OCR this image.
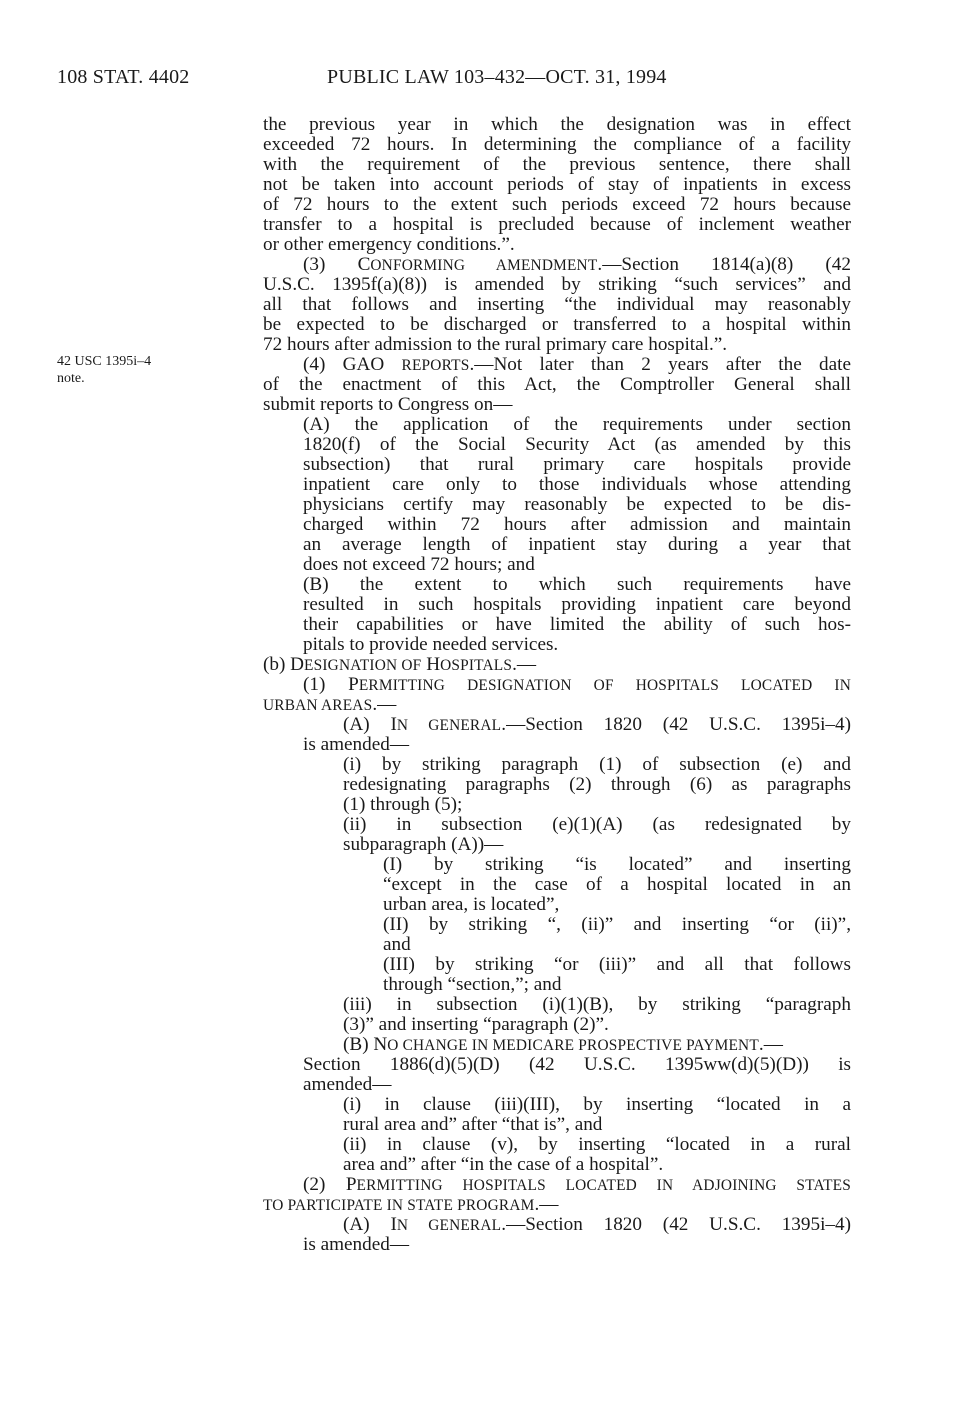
108 STAT. 4402	PUBLIC LAW 103–432—OCT. 31, 1994
42 USC 1395i–4
note.
the previous year in which the designation was in effect
exceeded 72 hours. In determining the compliance of a facility
with the requirement of the previous sentence, there shall
not be taken into account periods of stay of inpatients in excess
of 72 hours to the extent such periods exceed 72 hours because
transfer to a hospital is precluded because of inclement weather
or other emergency conditions.”.
(3) CONFORMING AMENDMENT.—Section 1814(a)(8) (42
U.S.C. 1395f(a)(8)) is amended by striking “such services” and
all that follows and inserting “the individual may reasonably
be expected to be discharged or transferred to a hospital within
72 hours after admission to the rural primary care hospital.”.
(4) GAO REPORTS.—Not later than 2 years after the date
of the enactment of this Act, the Comptroller General shall
submit reports to Congress on—
(A) the application of the requirements under section
1820(f) of the Social Security Act (as amended by this
subsection) that rural primary care hospitals provide
inpatient care only to those individuals whose attending
physicians certify may reasonably be expected to be dis-
charged within 72 hours after admission and maintain
an average length of inpatient stay during a year that
does not exceed 72 hours; and
(B) the extent to which such requirements have
resulted in such hospitals providing inpatient care beyond
their capabilities or have limited the ability of such hos-
pitals to provide needed services.
(b) DESIGNATION OF HOSPITALS.—
(1) PERMITTING DESIGNATION OF HOSPITALS LOCATED IN
URBAN AREAS.—
(A) IN GENERAL.—Section 1820 (42 U.S.C. 1395i–4)
is amended—
(i) by striking paragraph (1) of subsection (e) and
redesignating paragraphs (2) through (6) as paragraphs
(1) through (5);
(ii) in subsection (e)(1)(A) (as redesignated by
subparagraph (A))—
(I) by striking “is located” and inserting
“except in the case of a hospital located in an
urban area, is located”,
(II) by striking “, (ii)” and inserting “or (ii)”,
and
(III) by striking “or (iii)” and all that follows
through “section,”; and
(iii) in subsection (i)(1)(B), by striking “paragraph
(3)” and inserting “paragraph (2)”.
(B) NO CHANGE IN MEDICARE PROSPECTIVE PAYMENT.—
Section 1886(d)(5)(D) (42 U.S.C. 1395ww(d)(5)(D)) is
amended—
(i) in clause (iii)(III), by inserting “located in a
rural area and” after “that is”, and
(ii) in clause (v), by inserting “located in a rural
area and” after “in the case of a hospital”.
(2) PERMITTING HOSPITALS LOCATED IN ADJOINING STATES
TO PARTICIPATE IN STATE PROGRAM.—
(A) IN GENERAL.—Section 1820 (42 U.S.C. 1395i–4)
is amended—
